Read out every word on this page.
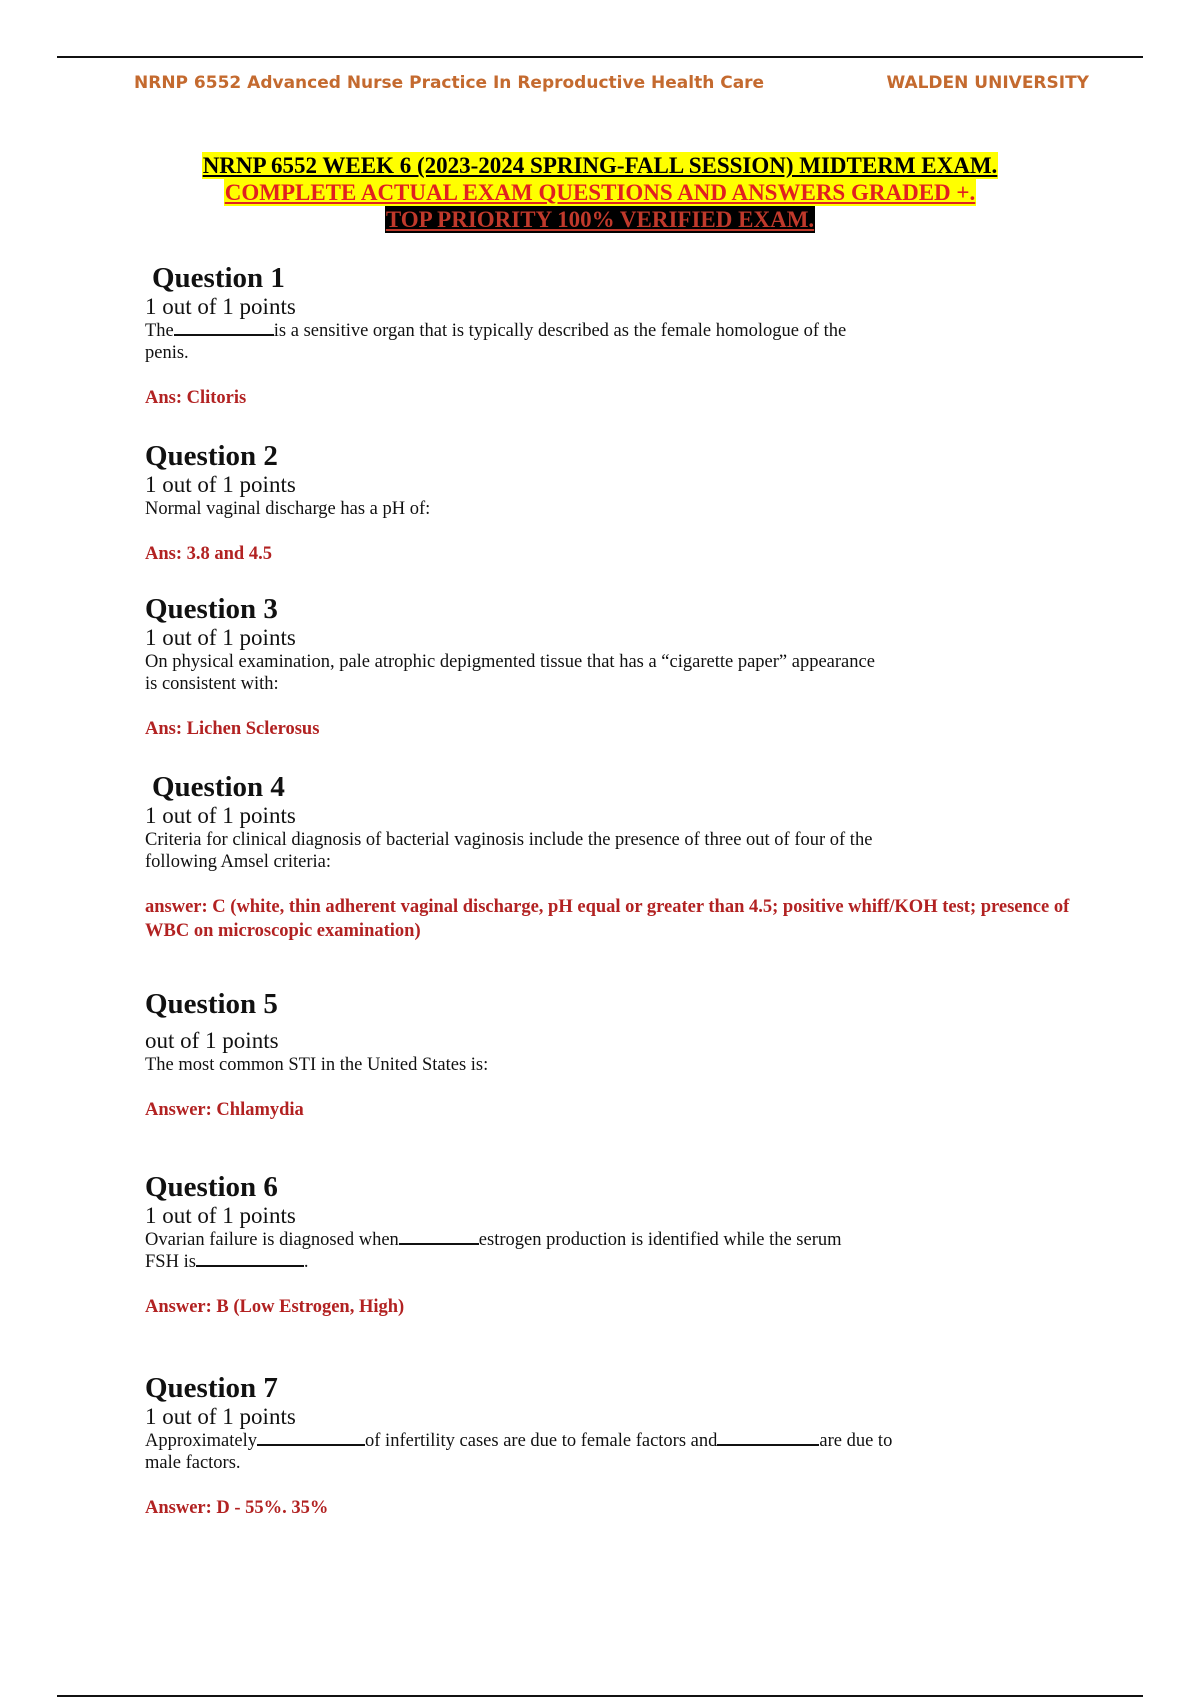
NRNP 6552 Advanced Nurse Practice In Reproductive Health Care	WALDEN UNIVERSITY
NRNP 6552 WEEK 6 (2023-2024 SPRING-FALL SESSION) MIDTERM EXAM.
COMPLETE ACTUAL EXAM QUESTIONS AND ANSWERS GRADED +.
TOP PRIORITY 100% VERIFIED EXAM.
Question 1
1 out of 1 points
The	is a sensitive organ that is typically described as the female homologue of the penis.
Ans: Clitoris
Question 2
1 out of 1 points
Normal vaginal discharge has a pH of:
Ans: 3.8 and 4.5
Question 3
1 out of 1 points
On physical examination, pale atrophic depigmented tissue that has a “cigarette paper” appearance is consistent with:
Ans: Lichen Sclerosus
Question 4
1 out of 1 points
Criteria for clinical diagnosis of bacterial vaginosis include the presence of three out of four of the following Amsel criteria:
answer: C (white, thin adherent vaginal discharge, pH equal or greater than 4.5; positive whiff/KOH test; presence of WBC on microscopic examination)
Question 5
out of 1 points
The most common STI in the United States is:
Answer: Chlamydia
Question 6
1 out of 1 points
Ovarian failure is diagnosed when	estrogen production is identified while the serum FSH is	.
Answer: B (Low Estrogen, High)
Question 7
1 out of 1 points
Approximately	of infertility cases are due to female factors and	are due to male factors.
Answer: D - 55%. 35%
